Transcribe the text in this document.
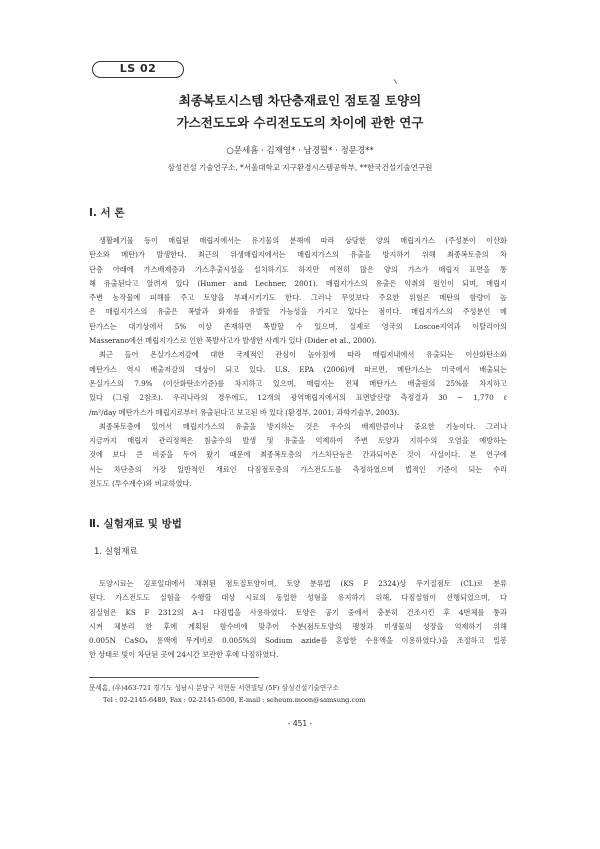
LS 02
최종복토시스템 차단층재료인 점토질 토양의
가스전도도와 수리전도도의 차이에 관한 연구
○문세흠 · 김재영* · 남경필* · 정문경**
삼성건설 기술연구소, *서울대학교 지구환경시스템공학부, **한국건설기술연구원
Ⅰ. 서 론
생활폐기물 등이 매립된 매립지에서는 유기물의 분해에 따라 상당한 양의 매립지가스 (주성분이 이산화
탄소와 메탄)가 발생한다. 최근의 위생매립지에서는 매립지가스의 유출을 방지하기 위해 최종복토층의 차
단층 아래에 가스배제층과 가스추출시설을 설치하기도 하지만 여전히 많은 양의 가스가 매립지 표면을 통
해 유출된다고 알려져 있다 (Humer and Lechner, 2001). 매립지가스의 유출은 악취의 원인이 되며, 매립지
주변 농작물에 피해를 주고 토양을 부패시키기도 한다. 그러나 무엇보다 주요한 위험은 메탄의 함량이 높
은 매립지가스의 유출은 폭발과 화재를 유발할 가능성을 가지고 있다는 점이다. 매립지가스의 주성분인 메
탄가스는 대기상에서 5% 이상 존재하면 폭발할 수 있으며, 실제로 영국의 Loscoe지역과 이탈리아의
Masserano에선 매립지가스로 인한 폭발사고가 발생한 사례가 있다 (Dider et al., 2000).
최근 들어 온실가스저감에 대한 국제적인 관심이 높아짐에 따라 매립지내에서 유출되는 이산화탄소와
메탄가스 역시 배출저감의 대상이 되고 있다. U.S. EPA (2006)에 따르면, 메탄가스는 미국에서 배출되는
온실가스의 7.9% (이산화탄소기준)를 차지하고 있으며, 매립지는 전체 메탄가스 배출원의 25%를 차지하고
있다 (그림 2참조). 우리나라의 경우에도, 12개의 광역매립지에서의 표면발산량 측정결과 30 ~ 1,770 ℓ
/m²/day 메탄가스가 매립지로부터 유출된다고 보고된 바 있다 (환경부, 2001; 과학기술부, 2003).
최종복토층에 있어서 매립지가스의 유출을 방지하는 것은 우수의 배제만큼이나 중요한 기능이다. 그러나
지금까지 매립지 관리정책은 침출수의 발생 및 유출을 억제하여 주변 토양과 지하수의 오염을 예방하는
것에 보다 큰 비중을 두어 왔기 때문에 최종복토층의 가스차단능은 간과되어온 것이 사실이다. 본 연구에
서는 차단층의 가장 일반적인 재료인 다짐점토층의 가스전도도를 측정하였으며 법적인 기준이 되는 수리
전도도 (투수계수)와 비교하였다.
Ⅱ. 실험재료 및 방법
1. 실험재료
토양시료는 김포일대에서 채취된 점토질토양이며, 토양 분류법 (KS F 2324)상 무기질점토 (CL)로 분류
된다. 가스전도도 실험을 수행할 대상 시료의 동일한 성형을 유지하기 위해, 다짐실험이 선행되었으며, 다
짐실험은 KS F 2312의 A-1 다짐법을 사용하였다. 토양은 공기 중에서 충분히 건조시킨 후 4번체를 통과
시켜 체분리 한 후에 계획된 함수비에 맞추어 수분(점토토양의 팽창과 미생물의 성장을 억제하기 위해
0.005N CaSO₄ 용액에 무게비로 0.005%의 Sodium azide를 혼합한 수용액을 이용하였다.)을 조절하고 밀봉
한 상태로 빛이 차단된 곳에 24시간 보관한 후에 다짐하였다.
문세흠, (우)463-721 경기도 성남시 분당구 서현동 서현빌딩 (5F) 삼성건설기술연구소
Tel : 02-2145-6489, Fax : 02-2145-6500, E-mail : seheum.moon@samsung.com
- 451 -
